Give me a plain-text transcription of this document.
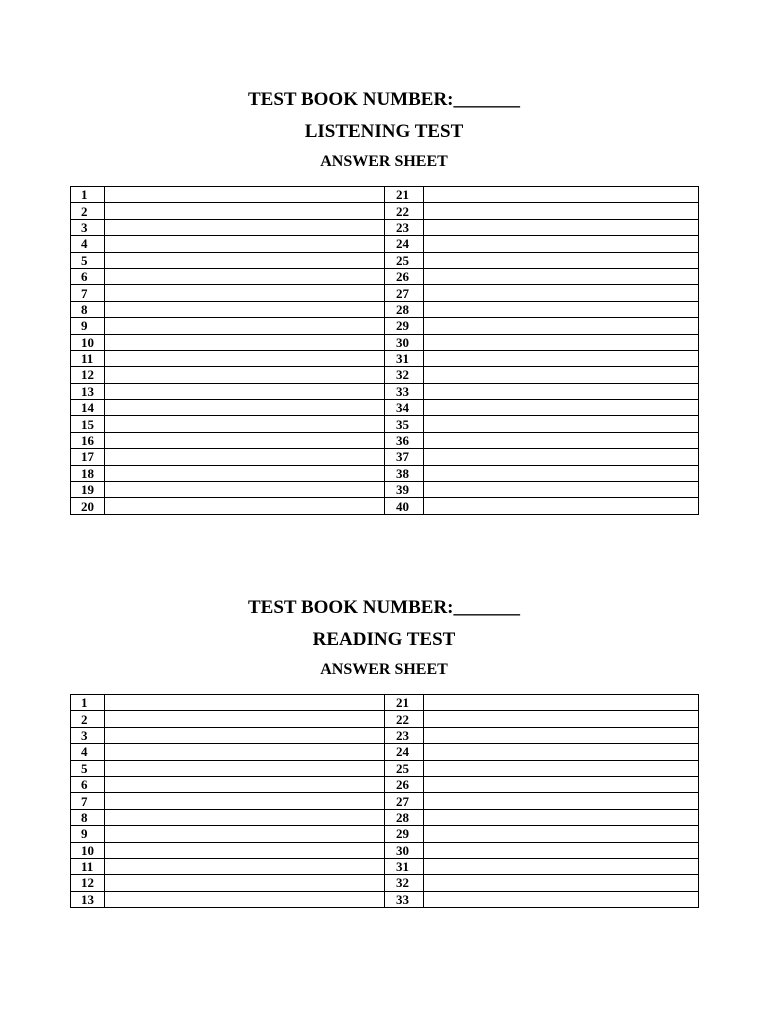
TEST BOOK NUMBER:_______
LISTENING TEST
ANSWER SHEET
1		21	
2		22	
3		23	
4		24	
5		25	
6		26	
7		27	
8		28	
9		29	
10		30	
11		31	
12		32	
13		33	
14		34	
15		35	
16		36	
17		37	
18		38	
19		39	
20		40	
TEST BOOK NUMBER:_______
READING TEST
ANSWER SHEET
1		21	
2		22	
3		23	
4		24	
5		25	
6		26	
7		27	
8		28	
9		29	
10		30	
11		31	
12		32	
13		33	
